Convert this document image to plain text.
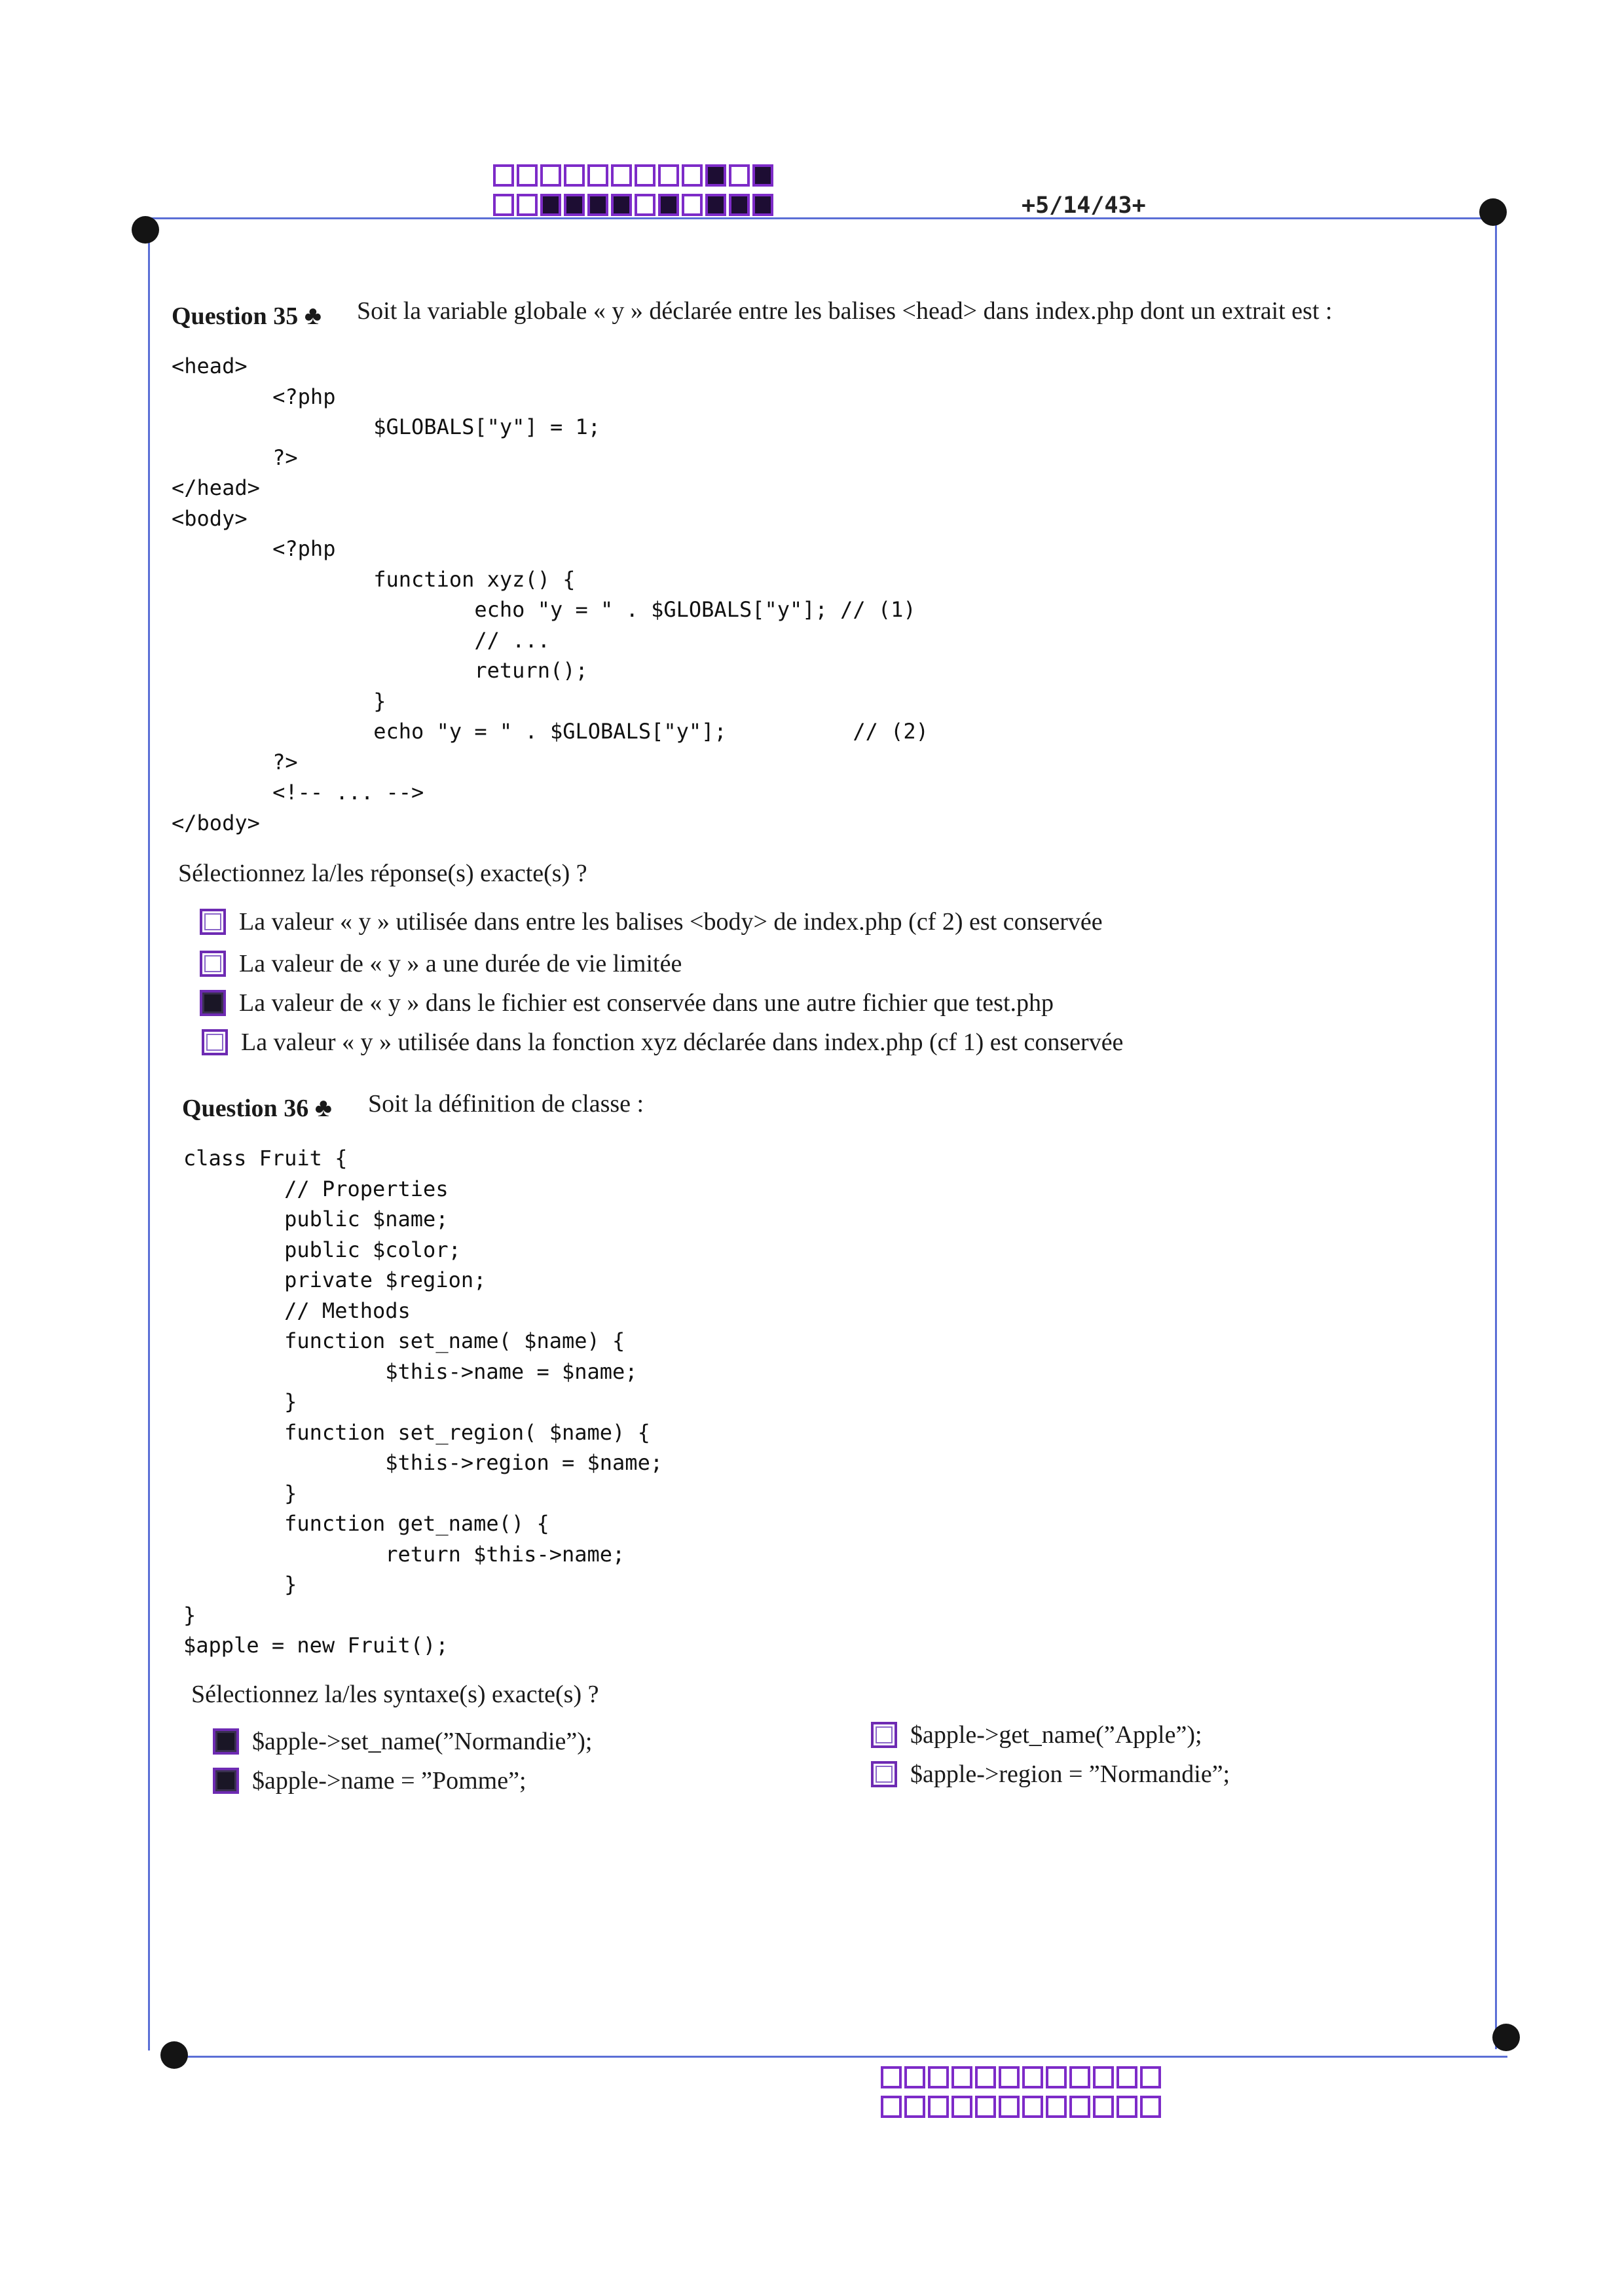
+5/14/43+
Question 35 ♣ Soit la variable globale « y » déclarée entre les balises <head> dans index.php dont un extrait est :
<head>
<?php
$GLOBALS["y"] = 1;
?>
</head>
<body>
<?php
function xyz() {
echo "y = " . $GLOBALS["y"]; // (1)
// ...
return();
}
echo "y = " . $GLOBALS["y"];          // (2)
?>
<!-- ... -->
</body>
Sélectionnez la/les réponse(s) exacte(s) ?
La valeur « y » utilisée dans entre les balises <body> de index.php (cf 2) est conservée
La valeur de « y » a une durée de vie limitée
La valeur de « y » dans le fichier est conservée dans une autre fichier que test.php
La valeur « y » utilisée dans la fonction xyz déclarée dans index.php (cf 1) est conservée
Question 36 ♣ Soit la définition de classe :
class Fruit {
// Properties
public $name;
public $color;
private $region;
// Methods
function set_name( $name) {
$this->name = $name;
}
function set_region( $name) {
$this->region = $name;
}
function get_name() {
return $this->name;
}
}
$apple = new Fruit();
Sélectionnez la/les syntaxe(s) exacte(s) ?
$apple->set_name(”Normandie”);
$apple->name = ”Pomme”;
$apple->get_name(”Apple”);
$apple->region = ”Normandie”;
